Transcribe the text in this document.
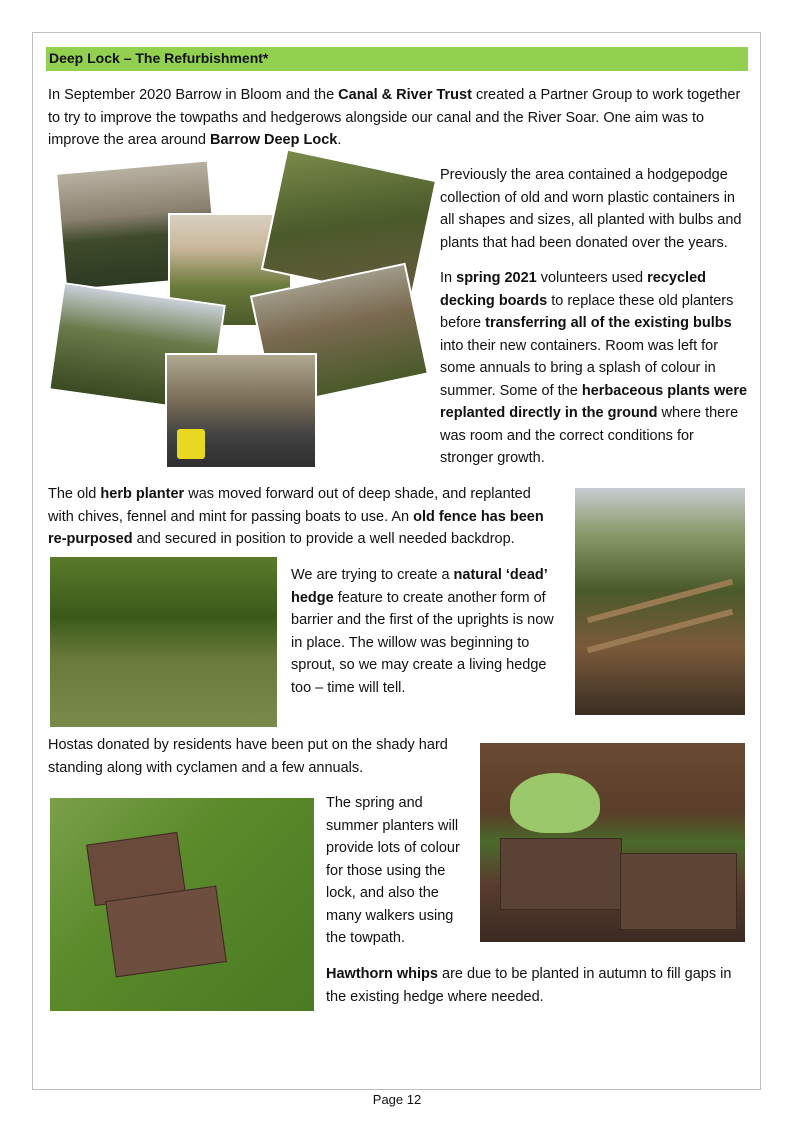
Deep Lock – The Refurbishment*

In September 2020 Barrow in Bloom and the Canal & River Trust created a Partner Group to work together to try to improve the towpaths and hedgerows alongside our canal and the River Soar. One aim was to improve the area around Barrow Deep Lock.

Previously the area contained a hodgepodge collection of old and worn plastic containers in all shapes and sizes, all planted with bulbs and plants that had been donated over the years.

In spring 2021 volunteers used recycled decking boards to replace these old planters before transferring all of the existing bulbs into their new containers. Room was left for some annuals to bring a splash of colour in summer. Some of the herbaceous plants were replanted directly in the ground where there was room and the correct conditions for stronger growth.

The old herb planter was moved forward out of deep shade, and replanted with chives, fennel and mint for passing boats to use. An old fence has been re-purposed and secured in position to provide a well needed backdrop.

We are trying to create a natural ‘dead’ hedge feature to create another form of barrier and the first of the uprights is now in place. The willow was beginning to sprout, so we may create a living hedge too – time will tell.

Hostas donated by residents have been put on the shady hard standing along with cyclamen and a few annuals.

The spring and summer planters will provide lots of colour for those using the lock, and also the many walkers using the towpath.

Hawthorn whips are due to be planted in autumn to fill gaps in the existing hedge where needed.

Page 12
